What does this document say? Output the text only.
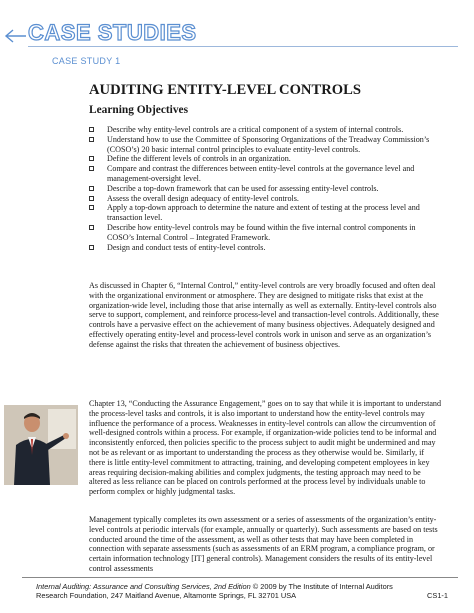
CASE STUDIES
CASE STUDY 1
AUDITING ENTITY-LEVEL CONTROLS
Learning Objectives
Describe why entity-level controls are a critical component of a system of internal controls.
Understand how to use the Committee of Sponsoring Organizations of the Treadway Commission’s (COSO’s) 20 basic internal control principles to evaluate entity-level controls.
Define the different levels of controls in an organization.
Compare and contrast the differences between entity-level controls at the governance level and management-oversight level.
Describe a top-down framework that can be used for assessing entity-level controls.
Assess the overall design adequacy of entity-level controls.
Apply a top-down approach to determine the nature and extent of testing at the process level and transaction level.
Describe how entity-level controls may be found within the five internal control components in COSO’s Internal Control – Integrated Framework.
Design and conduct tests of entity-level controls.

As discussed in Chapter 6, “Internal Control,” entity-level controls are very broadly focused and often deal with the organizational environment or atmosphere. They are designed to mitigate risks that exist at the organization-wide level, including those that arise internally as well as externally. Entity-level controls also serve to support, complement, and reinforce process-level and transaction-level controls. Additionally, these controls have a pervasive effect on the achievement of many business objectives. Adequately designed and effectively operating entity-level and process-level controls work in unison and serve as an organization’s defense against the risks that threaten the achievement of business objectives.

Chapter 13, “Conducting the Assurance Engagement,” goes on to say that while it is important to understand the process-level tasks and controls, it is also important to understand how the entity-level controls may influence the performance of a process. Weaknesses in entity-level controls can allow the circumvention of well-designed controls within a process. For example, if organization-wide policies tend to be informal and inconsistently enforced, then policies specific to the process subject to audit might be undermined and may not be as relevant or as important to understanding the process as they otherwise would be. Similarly, if there is little entity-level commitment to attracting, training, and developing competent employees in key areas requiring decision-making abilities and complex judgments, the testing approach may need to be altered as less reliance can be placed on controls performed at the process level by individuals unable to perform complex or highly judgmental tasks.

Management typically completes its own assessment or a series of assessments of the organization’s entity-level controls at periodic intervals (for example, annually or quarterly). Such assessments are based on tests conducted around the time of the assessment, as well as other tests that may have been completed in connection with separate assessments (such as assessments of an ERM program, a compliance program, or certain information technology [IT] general controls). Management considers the results of its entity-level control assessments

Internal Auditing: Assurance and Consulting Services, 2nd Edition © 2009 by The Institute of Internal Auditors
Research Foundation, 247 Maitland Avenue, Altamonte Springs, FL 32701 USA	CS1-1
